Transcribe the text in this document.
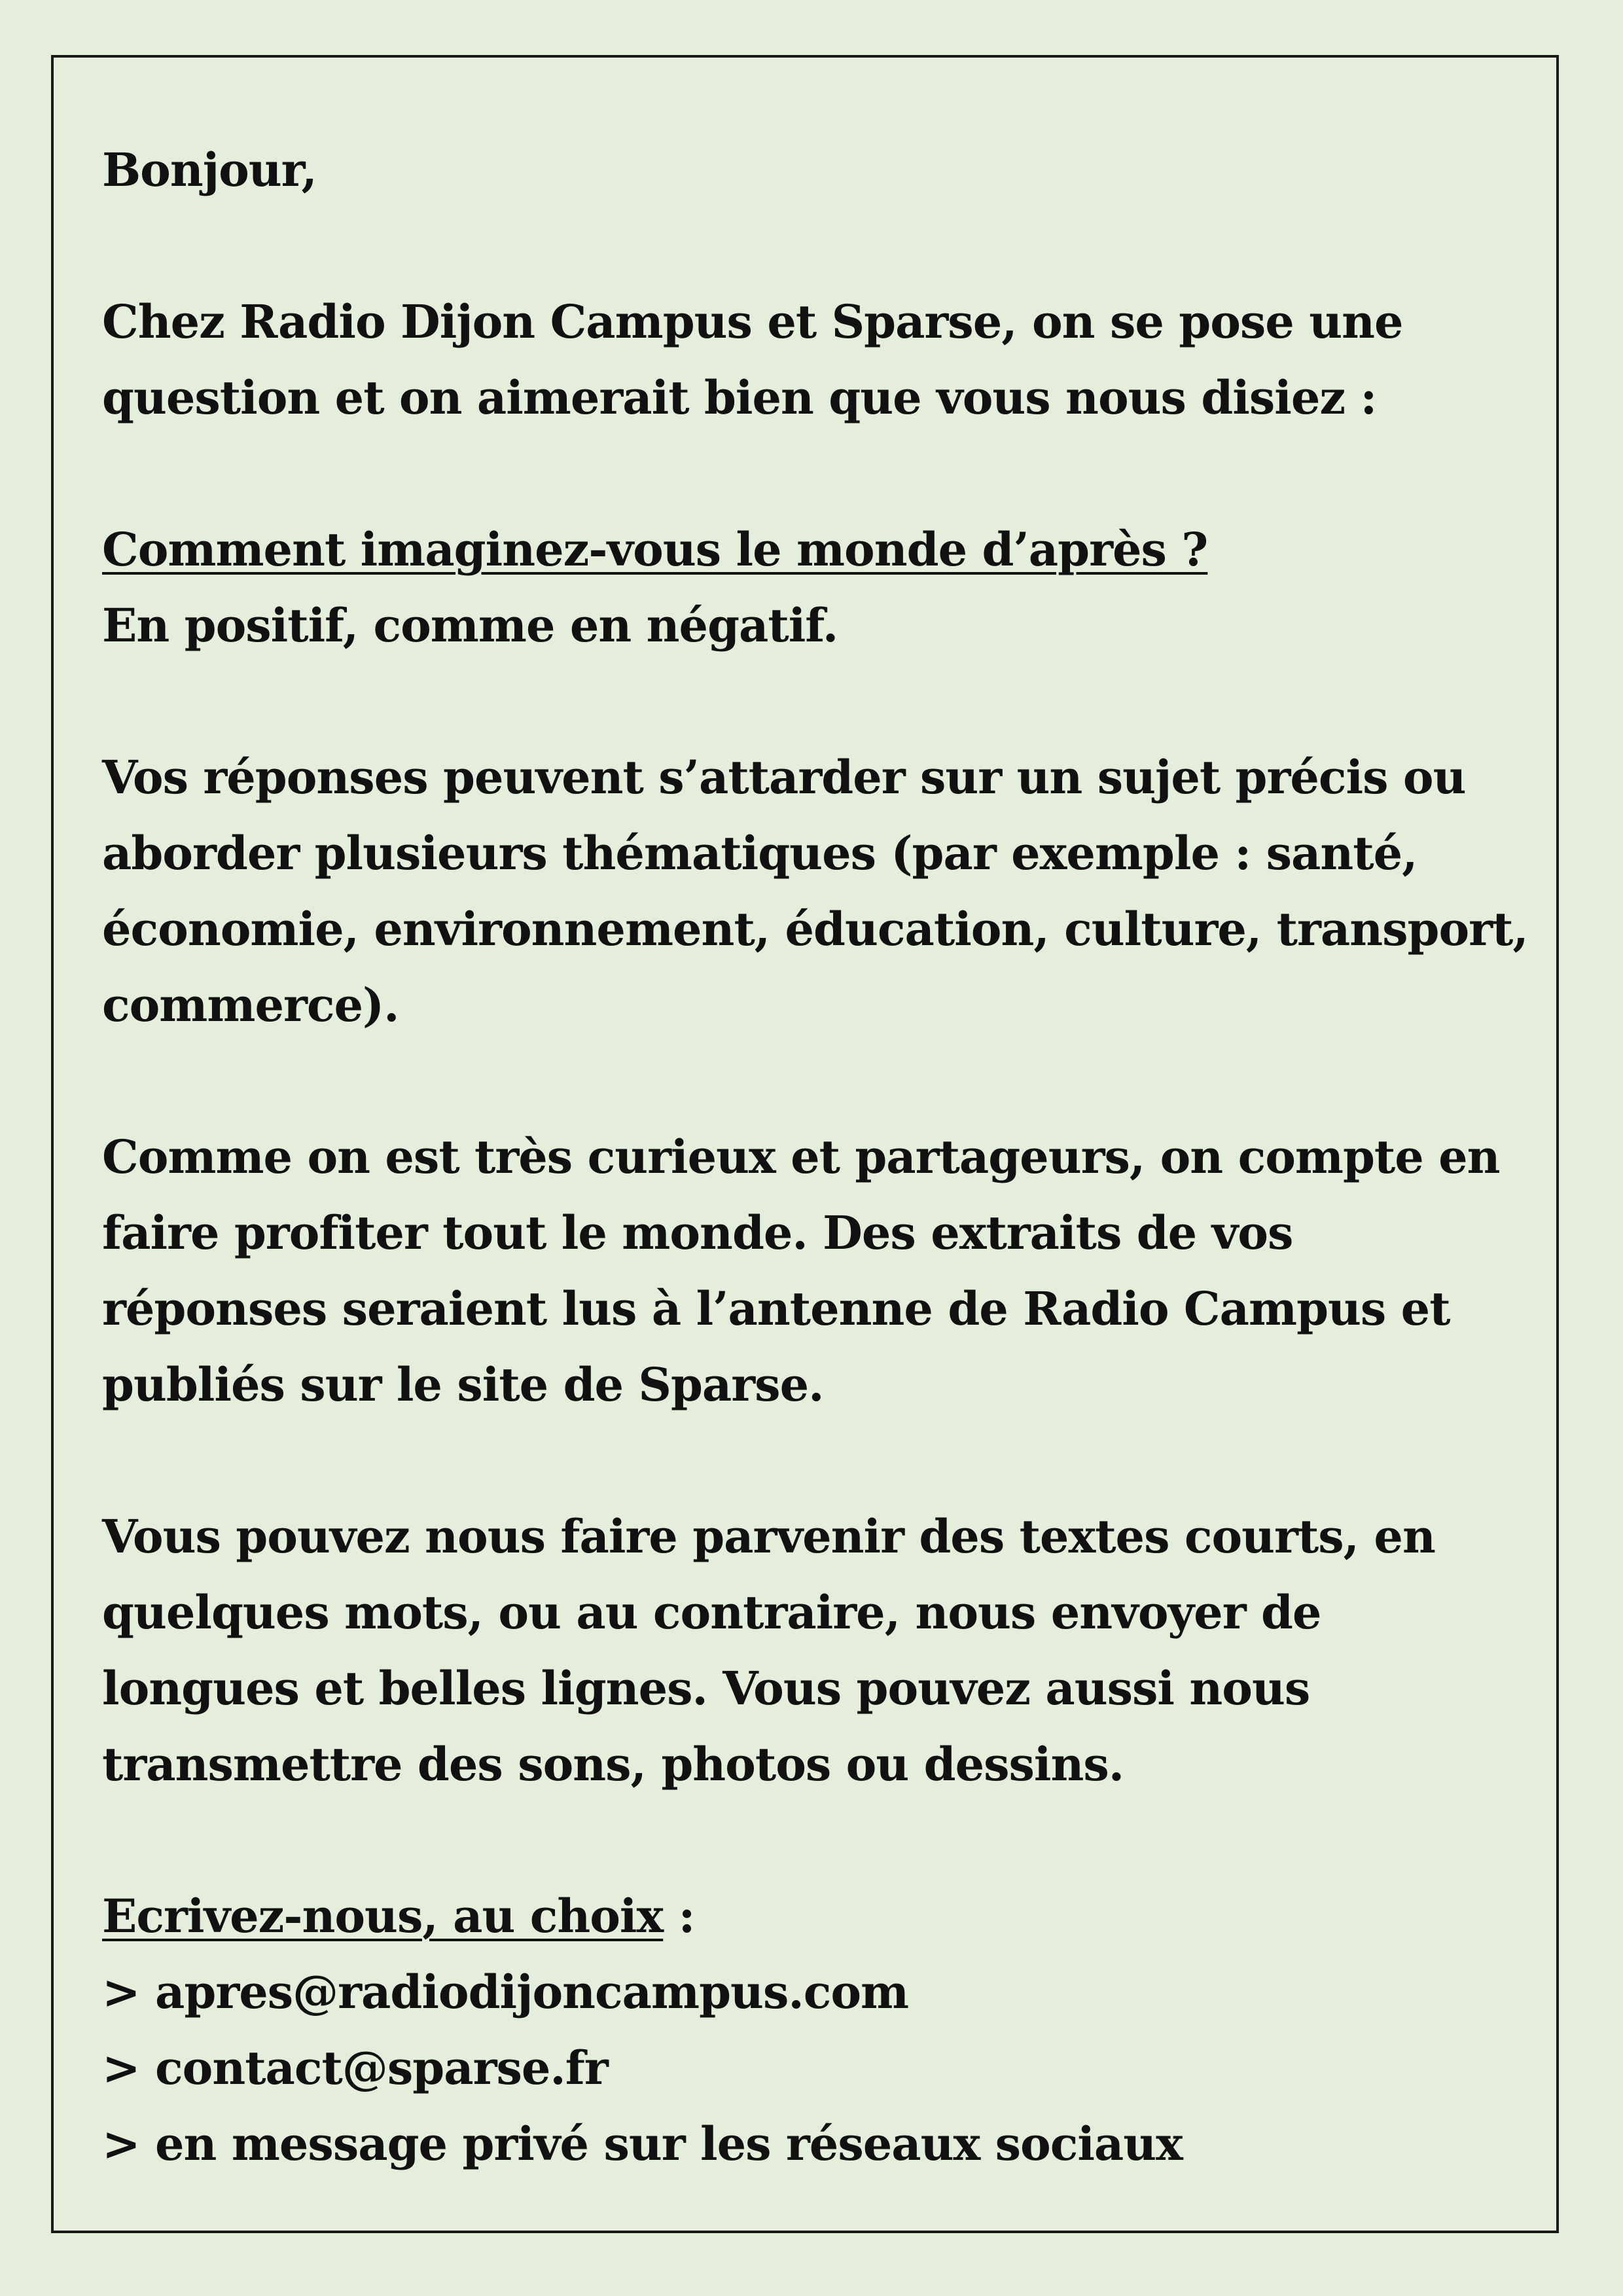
Bonjour,

Chez Radio Dijon Campus et Sparse, on se pose une question et on aimerait bien que vous nous disiez :

Comment imaginez-vous le monde d’après ?
En positif, comme en négatif.

Vos réponses peuvent s’attarder sur un sujet précis ou aborder plusieurs thématiques (par exemple : santé, économie, environnement, éducation, culture, transport, commerce).

Comme on est très curieux et partageurs, on compte en faire profiter tout le monde. Des extraits de vos réponses seraient lus à l’antenne de Radio Campus et publiés sur le site de Sparse.

Vous pouvez nous faire parvenir des textes courts, en quelques mots, ou au contraire, nous envoyer de longues et belles lignes. Vous pouvez aussi nous transmettre des sons, photos ou dessins.

Ecrivez-nous, au choix :
> apres@radiodijoncampus.com
> contact@sparse.fr
> en message privé sur les réseaux sociaux
